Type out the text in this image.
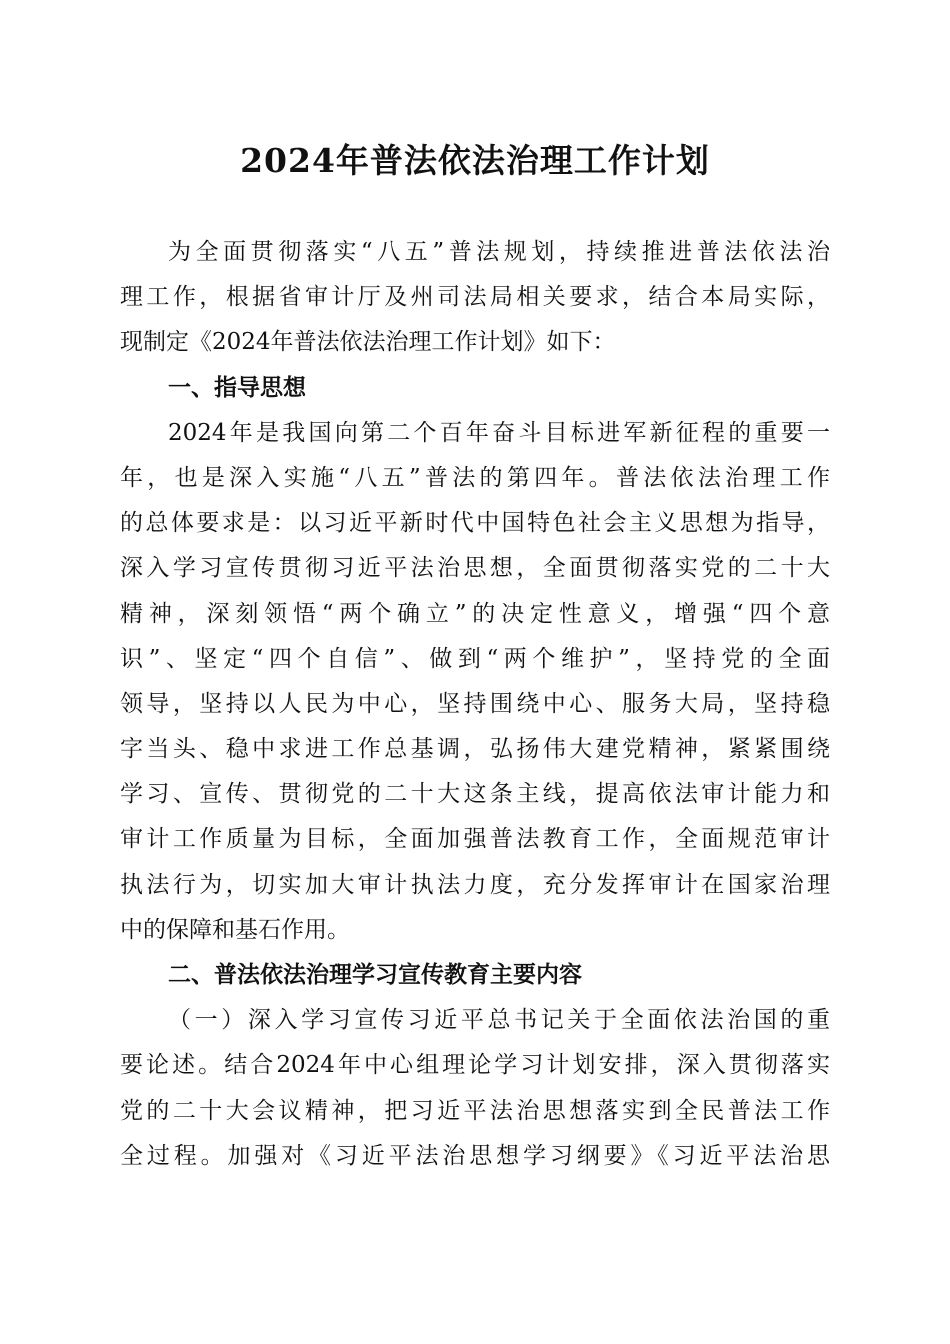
2024年普法依法治理工作计划
为全面贯彻落实“八五”普法规划，持续推进普法依法治
理工作，根据省审计厅及州司法局相关要求，结合本局实际，
现制定《2024年普法依法治理工作计划》如下：
一、指导思想
2024年是我国向第二个百年奋斗目标进军新征程的重要一
年，也是深入实施“八五”普法的第四年。普法依法治理工作
的总体要求是：以习近平新时代中国特色社会主义思想为指导，
深入学习宣传贯彻习近平法治思想，全面贯彻落实党的二十大
精神，深刻领悟“两个确立”的决定性意义，增强“四个意
识”、坚定“四个自信”、做到“两个维护”，坚持党的全面
领导，坚持以人民为中心，坚持围绕中心、服务大局，坚持稳
字当头、稳中求进工作总基调，弘扬伟大建党精神，紧紧围绕
学习、宣传、贯彻党的二十大这条主线，提高依法审计能力和
审计工作质量为目标，全面加强普法教育工作，全面规范审计
执法行为，切实加大审计执法力度，充分发挥审计在国家治理
中的保障和基石作用。
二、普法依法治理学习宣传教育主要内容
（一）深入学习宣传习近平总书记关于全面依法治国的重
要论述。结合2024年中心组理论学习计划安排，深入贯彻落实
党的二十大会议精神，把习近平法治思想落实到全民普法工作
全过程。加强对《习近平法治思想学习纲要》《习近平法治思
